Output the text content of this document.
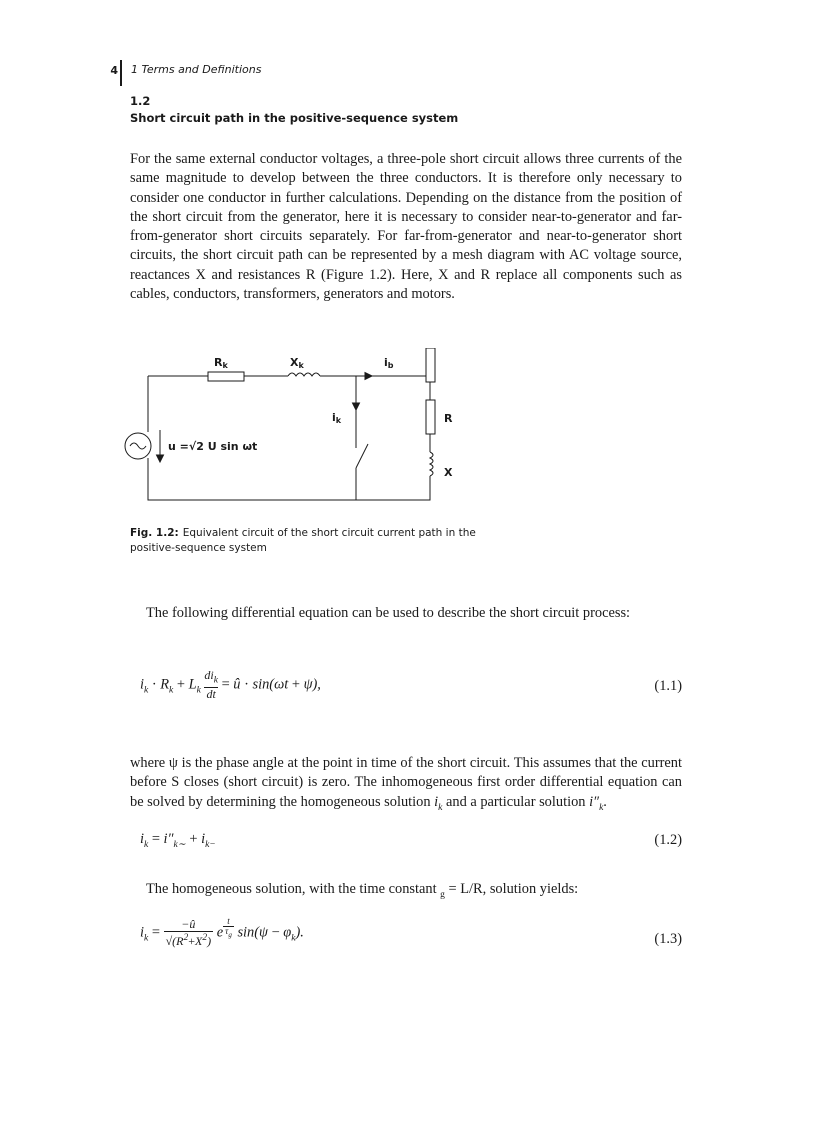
4 1 Terms and Definitions
1.2
Short circuit path in the positive-sequence system

For the same external conductor voltages, a three-pole short circuit allows three currents of the same magnitude to develop between the three conductors. It is therefore only necessary to consider one conductor in further calculations. Depending on the distance from the position of the short circuit from the generator, here it is necessary to consider near-to-generator and far-from-generator short circuits separately. For far-from-generator and near-to-generator short circuits, the short circuit path can be represented by a mesh diagram with AC voltage source, reactances X and resistances R (Figure 1.2). Here, X and R replace all components such as cables, conductors, transformers, generators and motors.

Rk	Xk	ib
ik	R
X
u =√2 U sin ωt
Fig. 1.2: Equivalent circuit of the short circuit current path in the positive-sequence system

The following differential equation can be used to describe the short circuit process:

$i_k \cdot R_k + L_k \frac{di_k}{dt}$ = û · sin(ωt + ψ),	(1.1)

where ψ is the phase angle at the point in time of the short circuit. This assumes that the current before S closes (short circuit) is zero. The inhomogeneous first order differential equation can be solved by determining the homogeneous solution $i_k$ and a particular solution $i''_k$.

$i_k = i''_{k\sim} + i_{k-}$	(1.2)

The homogeneous solution, with the time constant $_g$ = L/R, solution yields:

$i_k = \frac{-û}{√(R^2+X^2)}$ e $^{\frac{t}{\tau_g}}$ $\sin(\psi - \varphi_k)$.	(1.3)
